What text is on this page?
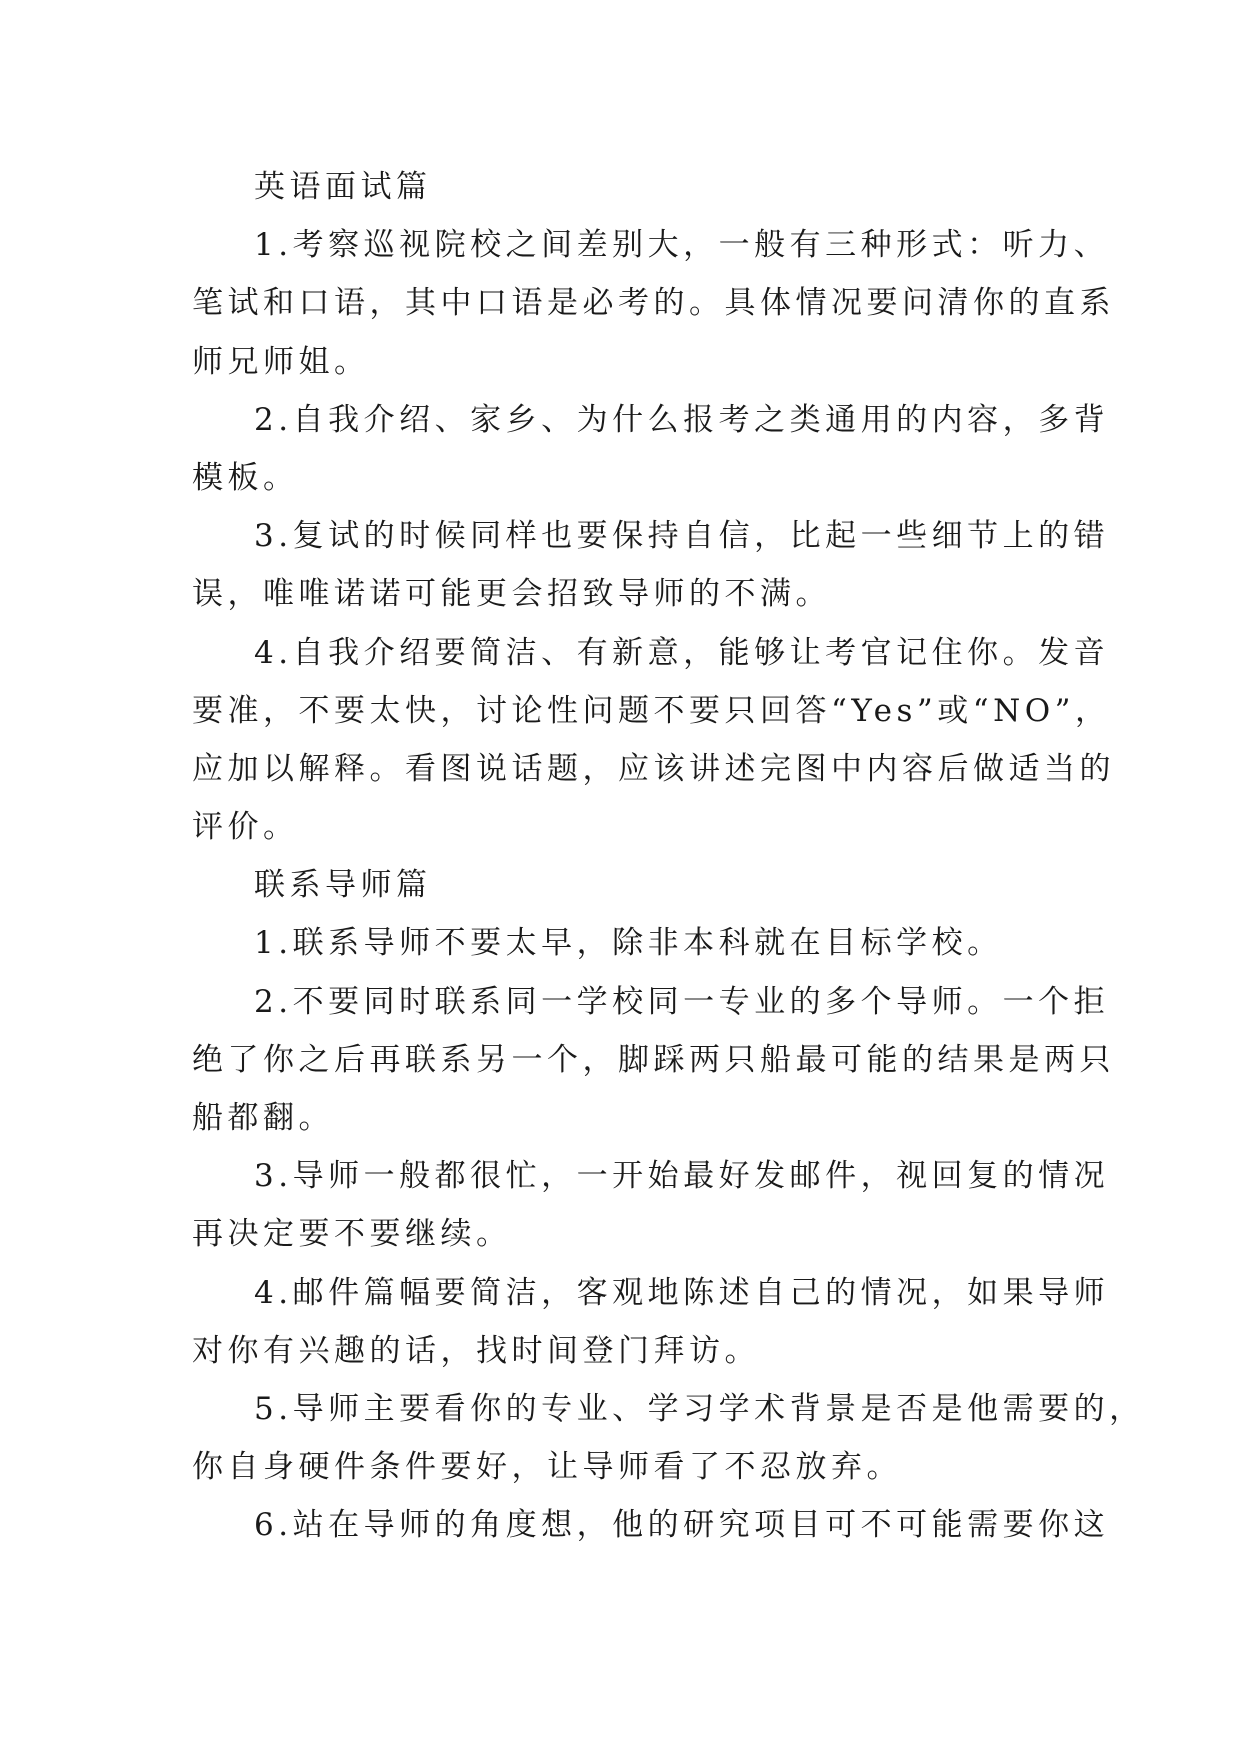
英语面试篇
1.考察巡视院校之间差别大，一般有三种形式：听力、
笔试和口语，其中口语是必考的。具体情况要问清你的直系
师兄师姐。
2.自我介绍、家乡、为什么报考之类通用的内容，多背
模板。
3.复试的时候同样也要保持自信，比起一些细节上的错
误，唯唯诺诺可能更会招致导师的不满。
4.自我介绍要简洁、有新意，能够让考官记住你。发音
要准，不要太快，讨论性问题不要只回答“Yes”或“NO”，
应加以解释。看图说话题，应该讲述完图中内容后做适当的
评价。
联系导师篇
1.联系导师不要太早，除非本科就在目标学校。
2.不要同时联系同一学校同一专业的多个导师。一个拒
绝了你之后再联系另一个，脚踩两只船最可能的结果是两只
船都翻。
3.导师一般都很忙，一开始最好发邮件，视回复的情况
再决定要不要继续。
4.邮件篇幅要简洁，客观地陈述自己的情况，如果导师
对你有兴趣的话，找时间登门拜访。
5.导师主要看你的专业、学习学术背景是否是他需要的，
你自身硬件条件要好，让导师看了不忍放弃。
6.站在导师的角度想，他的研究项目可不可能需要你这
